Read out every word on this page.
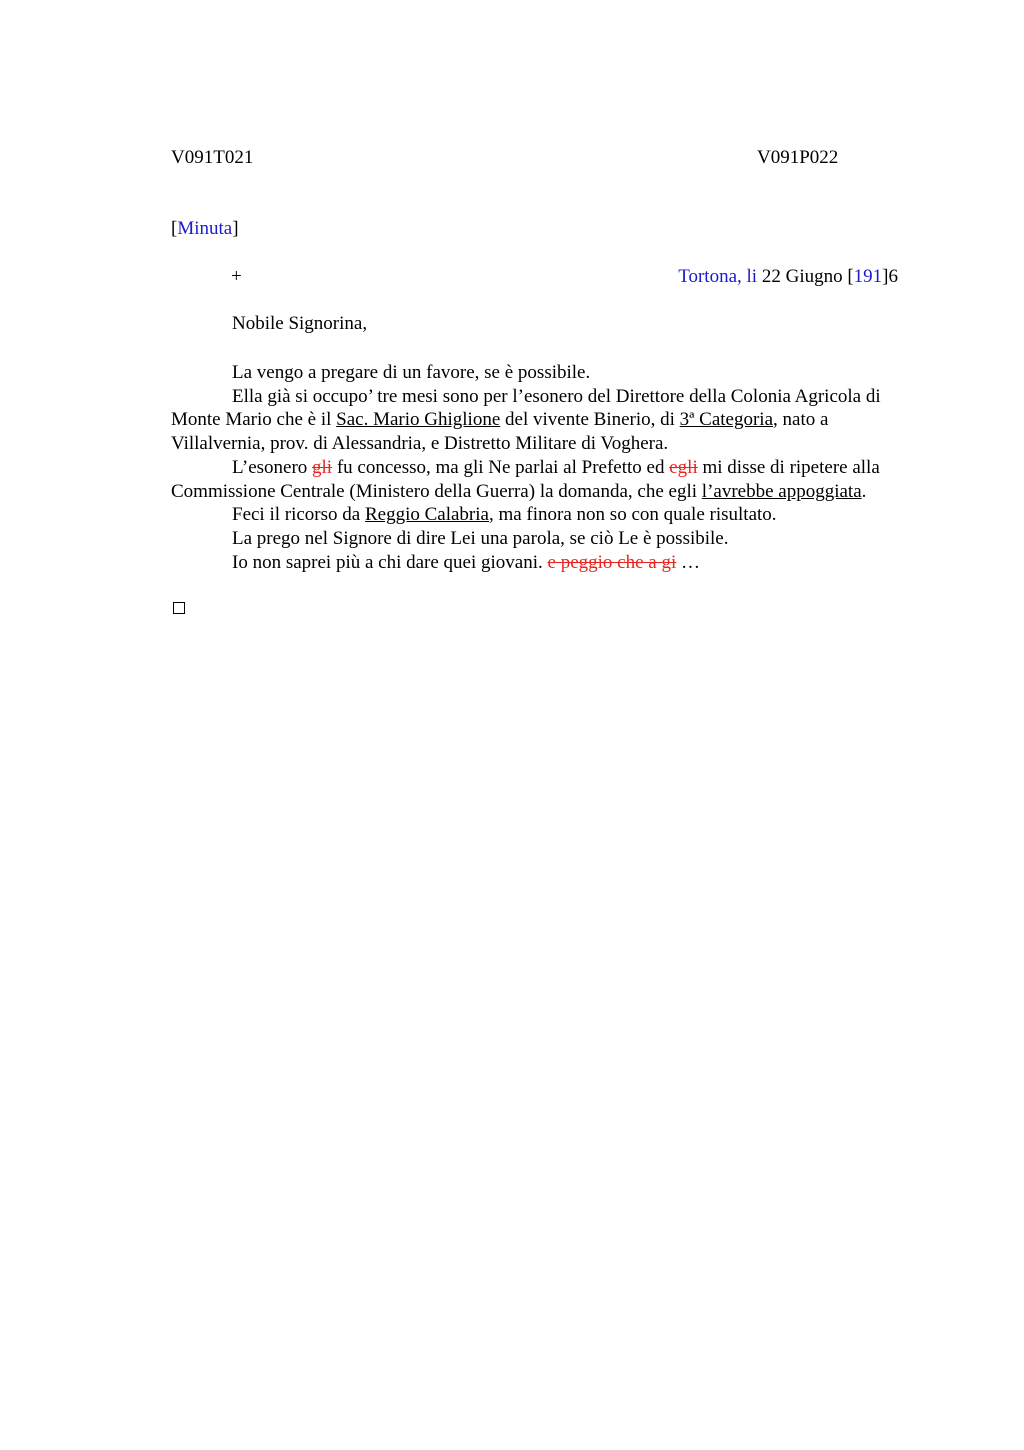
V091T021	V091P022
[Minuta]
+	Tortona, li 22 Giugno [191]6
Nobile Signorina,

La vengo a pregare di un favore, se è possibile.

Ella già si occupo’ tre mesi sono per l’esonero del Direttore della Colonia Agricola di Monte Mario che è il Sac. Mario Ghiglione del vivente Binerio, di 3ª Categoria, nato a Villalvernia, prov. di Alessandria, e Distretto Militare di Voghera.

L’esonero gli fu concesso, ma gli Ne parlai al Prefetto ed egli mi disse di ripetere alla Commissione Centrale (Ministero della Guerra) la domanda, che egli l’avrebbe appoggiata.

Feci il ricorso da Reggio Calabria, ma finora non so con quale risultato.

La prego nel Signore di dire Lei una parola, se ciò Le è possibile.

Io non saprei più a chi dare quei giovani. e peggio che a gi …
